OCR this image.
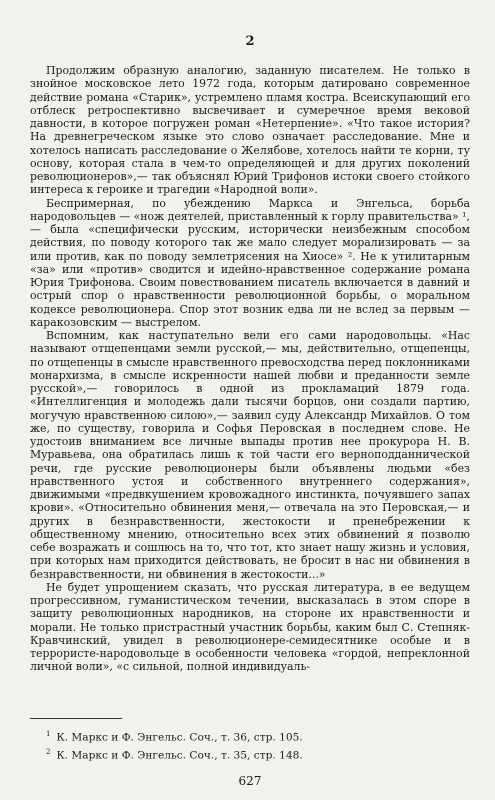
2

Продолжим образную аналогию, заданную писателем. Не только в знойное московское лето 1972 года, которым датировано современное действие романа «Старик», устремлено пламя костра. Всеискупающий его отблеск ретроспективно высвечивает и сумеречное время вековой давности, в которое погружен роман «Нетерпение». «Что такое история? На древнегреческом языке это слово означает расследование. Мне и хотелось написать расследование о Желябове, хотелось найти те корни, ту основу, которая стала в чем-то определяющей и для других поколений революционеров»,— так объяснял Юрий Трифонов истоки своего стойкого интереса к героике и трагедии «Народной воли».

Беспримерная, по убеждению Маркса и Энгельса, борьба народовольцев — «нож деятелей, приставленный к горлу правительства» ¹,— была «специфически русским, исторически неизбежным способом действия, по поводу которого так же мало следует морализировать — за или против, как по поводу землетрясения на Хиосе» ². Не к утилитарным «за» или «против» сводится и идейно-нравственное содержание романа Юрия Трифонова. Своим повествованием писатель включается в давний и острый спор о нравственности революционной борьбы, о моральном кодексе революционера. Спор этот возник едва ли не вслед за первым — каракозовским — выстрелом.

Вспомним, как наступательно вели его сами народовольцы. «Нас называют отщепенцами земли русской,— мы, действительно, отщепенцы, по отщепенцы в смысле нравственного превосходства перед поклонниками монархизма, в смысле искренности нашей любви и преданности земле русской»,— говорилось в одной из прокламаций 1879 года. «Интеллигенция и молодежь дали тысячи борцов, они создали партию, могучую нравственною силою»,— заявил суду Александр Михайлов. О том же, по существу, говорила и Софья Перовская в последнем слове. Не удостоив вниманием все личные выпады против нее прокурора Н. В. Муравьева, она обратилась лишь к той части его верноподданнической речи, где русские революционеры были объявлены людьми «без нравственного устоя и собственного внутреннего содержания», движимыми «предвкушением кровожадного инстинкта, почуявшего запах крови». «Относительно обвинения меня,— отвечала на это Перовская,— и других в безнравственности, жестокости и пренебрежении к общественному мнению, относительно всех этих обвинений я позволю себе возражать и сошлюсь на то, что тот, кто знает нашу жизнь и условия, при которых нам приходится действовать, не бросит в нас ни обвинения в безнравственности, ни обвинения в жестокости...»

Не будет упрощением сказать, что русская литература, в ее ведущем прогрессивном, гуманистическом течении, высказалась в этом споре в защиту революционных народников, на стороне их нравственности и морали. Не только пристрастный участник борьбы, каким был С. Степняк-Кравчинский, увидел в революционере-семидесятнике особые и в террористе-народовольце в особенности человека «гордой, непреклонной личной воли», «с сильной, полной индивидуаль-

$^1$ К. Маркс и Ф. Энгельс. Соч., т. 36, стр. 105.
$^2$ К. Маркс и Ф. Энгельс. Соч., т. 35, стр. 148.
627
